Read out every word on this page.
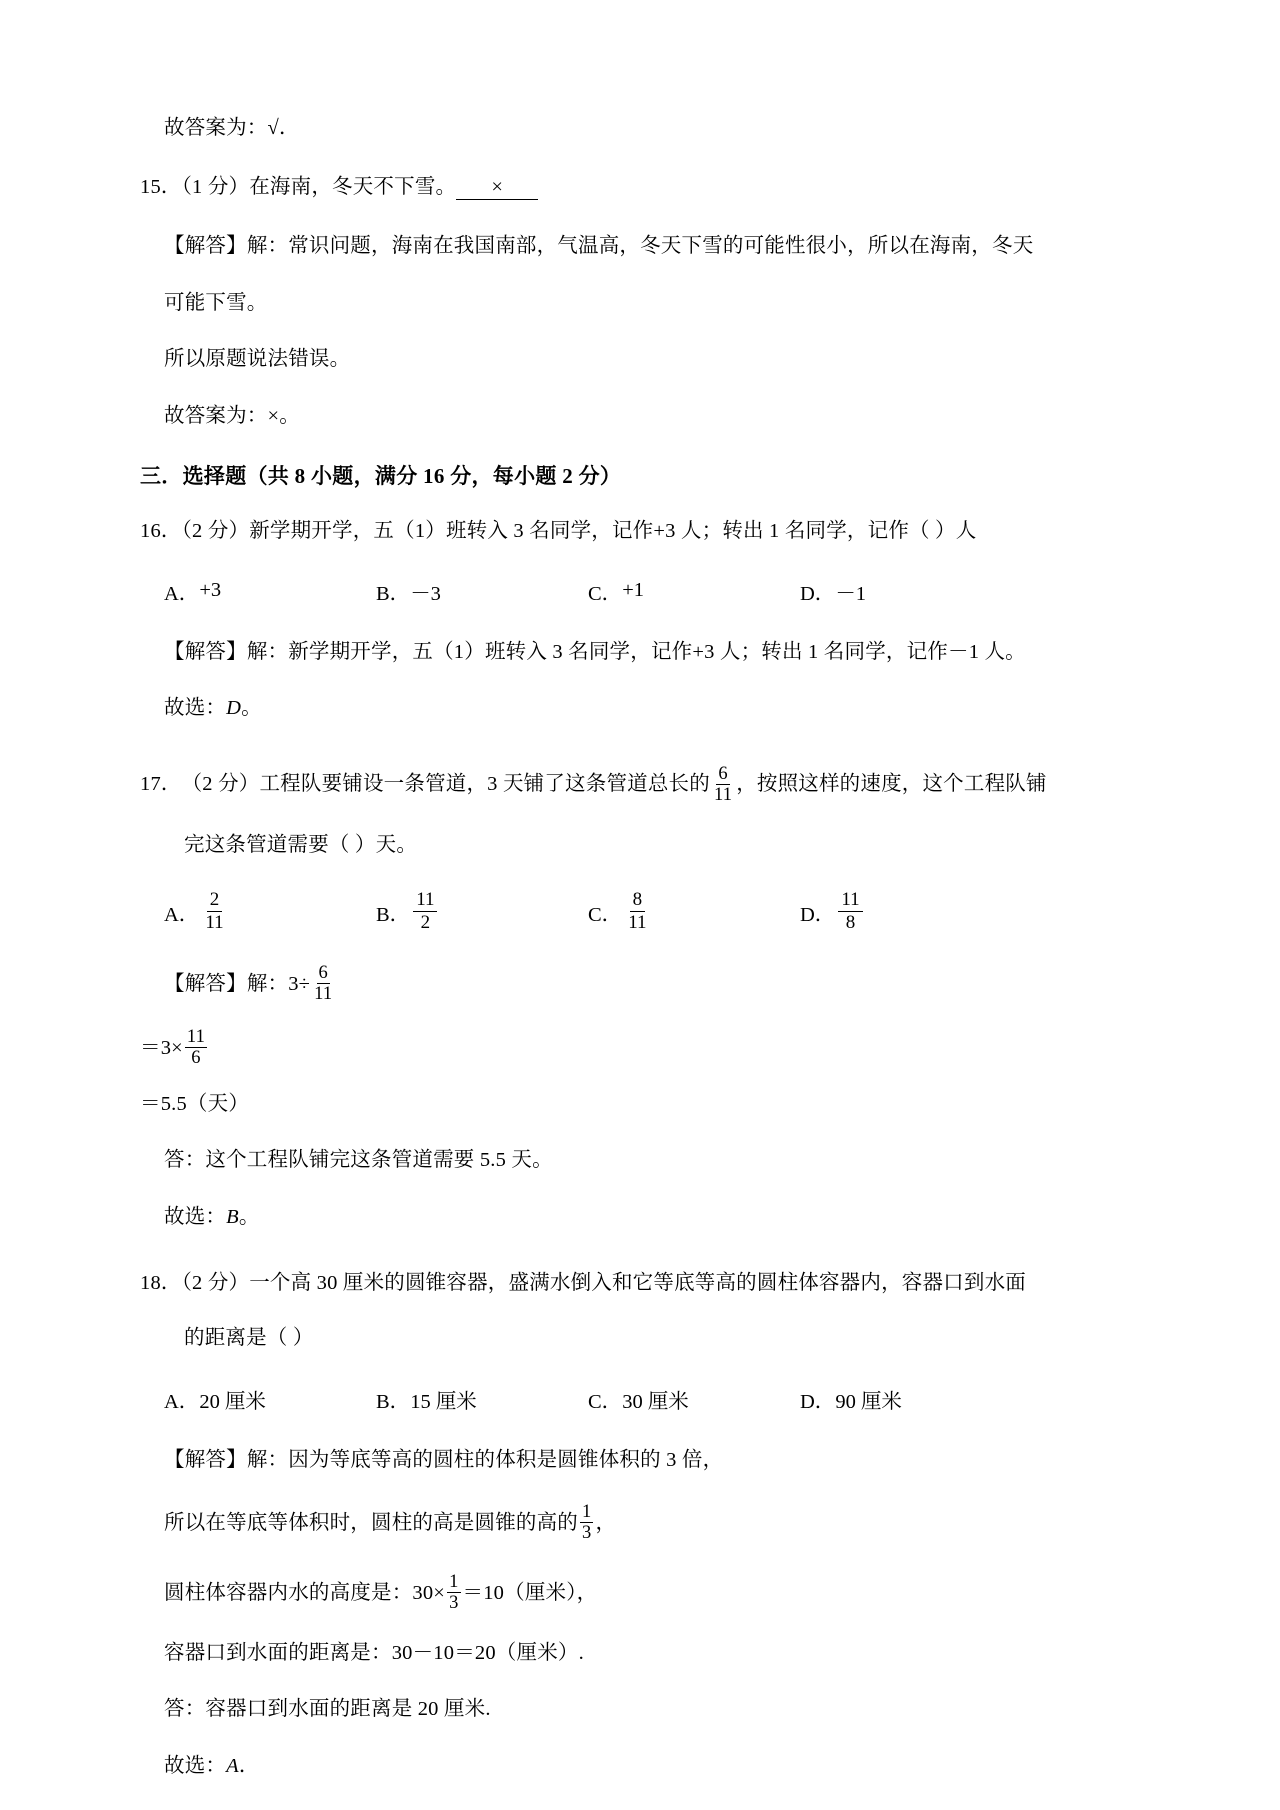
故答案为：√．
15．（1 分）在海南，冬天不下雪。 ×
【解答】解：常识问题，海南在我国南部，气温高，冬天下雪的可能性很小，所以在海南，冬天
可能下雪。
所以原题说法错误。
故答案为：×。
三．选择题（共 8 小题，满分 16 分，每小题 2 分）
16．（2 分）新学期开学，五（1）班转入 3 名同学，记作+3 人；转出 1 名同学，记作（ ）人
A． +3	B． －3	C． +1	D． －1
【解答】解：新学期开学，五（1）班转入 3 名同学，记作+3 人；转出 1 名同学，记作－1 人。
故选：D。
17 ． （2 分） 工程队要铺设一条管道，3 天铺了这条管道总长的 $\frac{6}{11}$ ，按照这样的速度，这个工程队铺
完这条管道需要（ ）天。
A． $\frac{2}{11}$	B． $\frac{11}{2}$	C． $\frac{8}{11}$	D． $\frac{11}{8}$
【解答】 解：$3\div \frac{6}{11}$
$=3\times \frac{11}{6}$
＝5.5（天）
答：这个工程队铺完这条管道需要 5.5 天。
故选：B。
18．（2 分）一个高 30 厘米的圆锥容器，盛满水倒入和它等底等高的圆柱体容器内，容器口到水面
的距离是（ ）
A． 20 厘米	B． 15 厘米	C． 30 厘米	D． 90 厘米
【解答】解：因为等底等高的圆柱的体积是圆锥体积的 3 倍，
所以在等底等体积时，圆柱的高是圆锥的高的 $\frac{1}{3}$ ，
圆柱体容器内水的高度是：$30\times \frac{1}{3} =10$（厘米），
容器口到水面的距离是：30－10＝20（厘米）.
答：容器口到水面的距离是 20 厘米.
故选：A．
